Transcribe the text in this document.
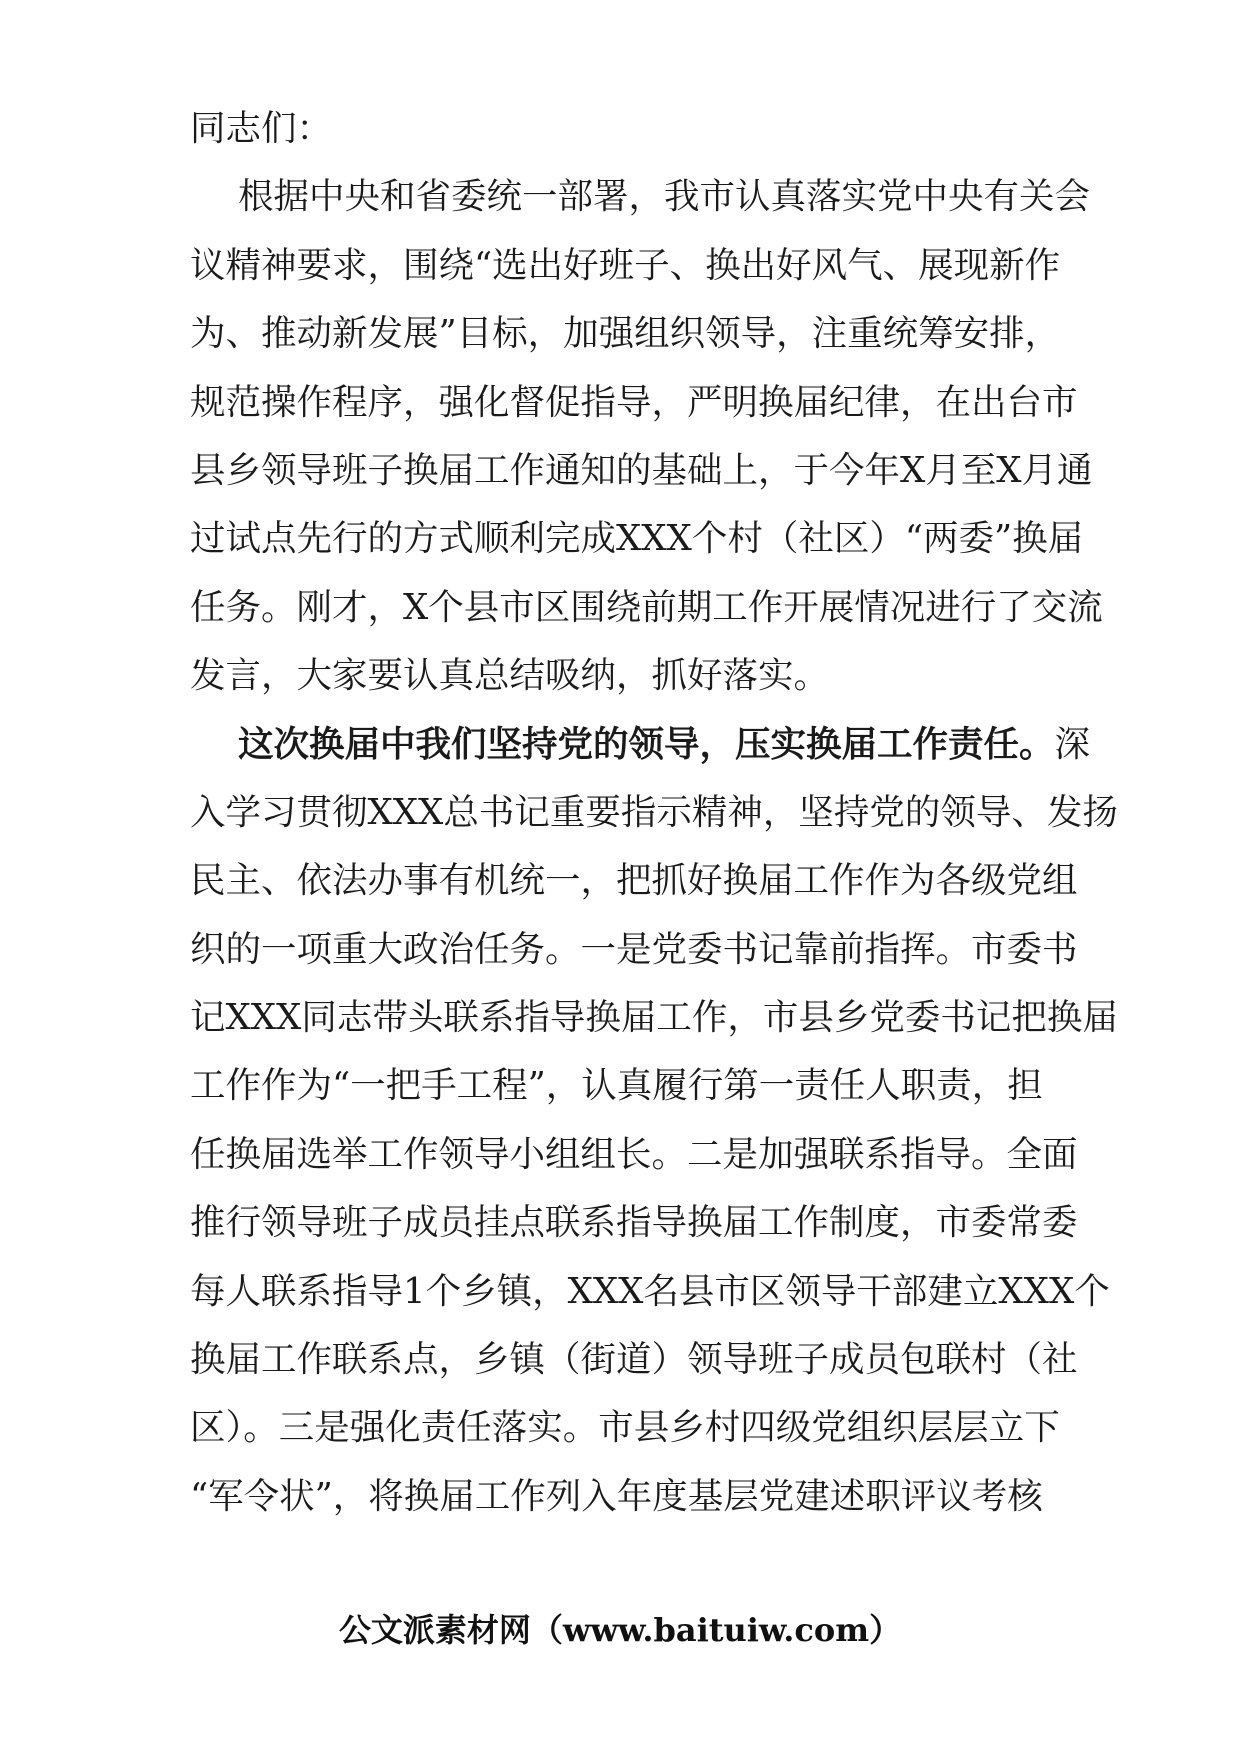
同志们：
根据中央和省委统一部署，我市认真落实党中央有关会
议精神要求，围绕“选出好班子、换出好风气、展现新作
为、推动新发展”目标，加强组织领导，注重统筹安排，
规范操作程序，强化督促指导，严明换届纪律，在出台市
县乡领导班子换届工作通知的基础上，于今年X月至X月通
过试点先行的方式顺利完成XXX个村（社区）“两委”换届
任务。刚才，X个县市区围绕前期工作开展情况进行了交流
发言，大家要认真总结吸纳，抓好落实。
这次换届中我们坚持党的领导，压实换届工作责任。深
入学习贯彻XXX总书记重要指示精神，坚持党的领导、发扬
民主、依法办事有机统一，把抓好换届工作作为各级党组
织的一项重大政治任务。一是党委书记靠前指挥。市委书
记XXX同志带头联系指导换届工作，市县乡党委书记把换届
工作作为“一把手工程”，认真履行第一责任人职责，担
任换届选举工作领导小组组长。二是加强联系指导。全面
推行领导班子成员挂点联系指导换届工作制度，市委常委
每人联系指导1个乡镇，XXX名县市区领导干部建立XXX个
换届工作联系点，乡镇（街道）领导班子成员包联村（社
区）。三是强化责任落实。市县乡村四级党组织层层立下
“军令状”，将换届工作列入年度基层党建述职评议考核
公文派素材网（www.baituiw.com）
